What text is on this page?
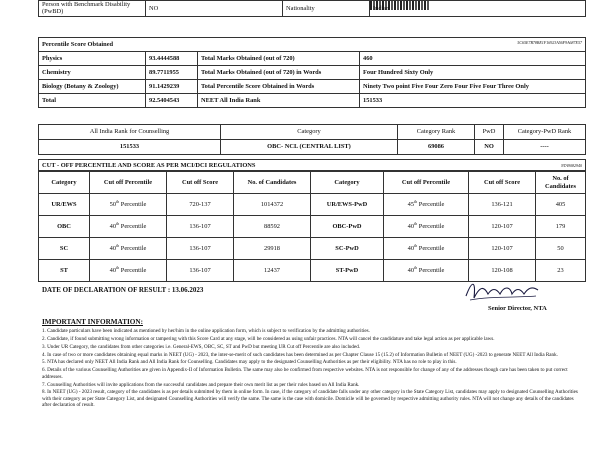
Person with Benchmark Disability (PwBD)	NO	Nationality	Indian
Percentile Score Obtained 5C65E7B78BE1F16923A56F9A687E57			

Physics	93.4444588	Total Marks Obtained (out of 720)	460
Chemistry	89.7711955	Total Marks Obtained (out of 720) in Words	Four Hundred Sixty Only
Biology (Botany & Zoology)	91.1429239	Total Percentile Score Obtained in Words	Ninety Two point Five Four Zero Four Five Four Three Only
Total	92.5404543	NEET All India Rank	151533
All India Rank for Counselling	Category	Category Rank	PwD	Category-PwD Rank
151533	OBC- NCL (CENTRAL LIST)	69086	NO	----
CUT - OFF PERCENTILE AND SCORE AS PER MCI/DCI REGULATIONS	NTA9082940
Category	Cut off Percentile	Cut off Score	No. of Candidates	Category	Cut off Percentile	Cut off Score	No. of Candidates
UR/EWS	50th Percentile	720-137	1014372	UR/EWS-PwD	45th Percentile	136-121	405
OBC	40th Percentile	136-107	88592	OBC-PwD	40th Percentile	120-107	179
SC	40th Percentile	136-107	29918	SC-PwD	40th Percentile	120-107	50
ST	40th Percentile	136-107	12437	ST-PwD	40th Percentile	120-108	23
DATE OF DECLARATION OF RESULT : 13.06.2023
Senior Director, NTA
IMPORTANT INFORMATION:
1. Candidate particulars have been indicated as mentioned by her/him in the online application form, which is subject to verification by the admitting authorities.
2. Candidate, if found submitting wrong information or tampering with this Score Card at any stage, will be considered as using unfair practices. NTA will cancel the candidature and take legal action as per applicable laws.
3. Under UR Category, the candidates from other categories i.e. General-EWS, OBC, SC, ST and PwD but meeting UR Cut off Percentile are also included.
4. In case of two or more candidates obtaining equal marks in NEET (UG) - 2023, the inter-se-merit of such candidates has been determined as per Chapter Clause 15 (15.2) of Information Bulletin of NEET (UG) -2023 to generate NEET All India Rank.
5. NTA has declared only NEET All India Rank and All India Rank for Counselling. Candidates may apply to the designated Counselling Authorities as per their eligibility. NTA has no role to play in this.
6. Details of the various Counselling Authorities are given in Appendix-II of Information Bulletin. The same may also be confirmed from respective websites. NTA is not responsible for change of any of the addresses though care has been taken to put correct addresses.
7. Counselling Authorities will invite applications from the successful candidates and prepare their own merit list as per their rules based on All India Rank.
8. In NEET (UG) - 2023 result, category of the candidates is as per details submitted by them in online form. In case, if the category of candidate falls under any other category in the State Category List, candidates may apply to designated Counselling Authorities with their category as per State Category List, and designated Counselling Authorities will verify the same. The same is the case with domicile. Domicile will be governed by respective admitting authority rules. NTA will not change any details of the candidates after declaration of result.
